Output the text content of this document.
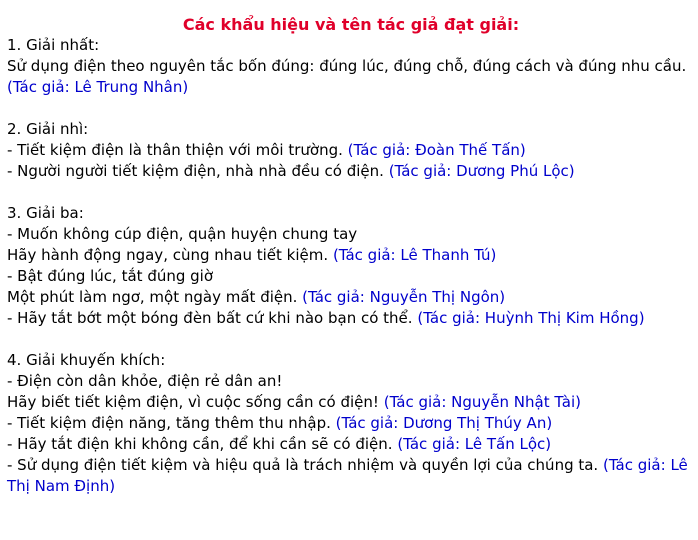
Các khẩu hiệu và tên tác giả đạt giải:
1. Giải nhất:
Sử dụng điện theo nguyên tắc bốn đúng: đúng lúc, đúng chỗ, đúng cách và đúng nhu cầu. (Tác giả: Lê Trung Nhân)
2. Giải nhì:
- Tiết kiệm điện là thân thiện với môi trường. (Tác giả: Đoàn Thế Tấn)
- Người người tiết kiệm điện, nhà nhà đều có điện. (Tác giả: Dương Phú Lộc)
3. Giải ba:
- Muốn không cúp điện, quận huyện chung tay
Hãy hành động ngay, cùng nhau tiết kiệm. (Tác giả: Lê Thanh Tú)
- Bật đúng lúc, tắt đúng giờ
Một phút làm ngơ, một ngày mất điện. (Tác giả: Nguyễn Thị Ngôn)
- Hãy tắt bớt một bóng đèn bất cứ khi nào bạn có thể. (Tác giả: Huỳnh Thị Kim Hồng)
4. Giải khuyến khích:
- Điện còn dân khỏe, điện rẻ dân an!
Hãy biết tiết kiệm điện, vì cuộc sống cần có điện! (Tác giả: Nguyễn Nhật Tài)
- Tiết kiệm điện năng, tăng thêm thu nhập. (Tác giả: Dương Thị Thúy An)
- Hãy tắt điện khi không cần, để khi cần sẽ có điện. (Tác giả: Lê Tấn Lộc)
- Sử dụng điện tiết kiệm và hiệu quả là trách nhiệm và quyền lợi của chúng ta. (Tác giả: Lê Thị Nam Định)
